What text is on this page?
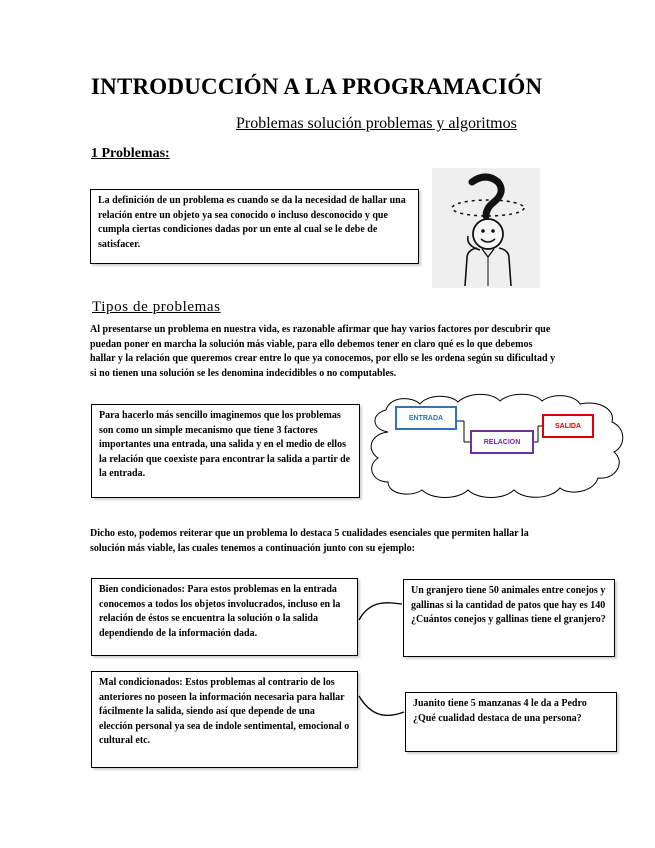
INTRODUCCIÓN A LA PROGRAMACIÓN
Problemas solución problemas y algoritmos
1 Problemas:
La definición de un problema es cuando se da la necesidad de hallar una relación entre un objeto ya sea conocido o incluso desconocido y que cumpla ciertas condiciones dadas por un ente al cual se le debe de satisfacer.
Tipos de problemas
Al presentarse un problema en nuestra vida, es razonable afirmar que hay varios factores por descubrir que puedan poner en marcha la solución más viable, para ello debemos tener en claro qué es lo que debemos hallar y la relación que queremos crear entre lo que ya conocemos, por ello se les ordena según su dificultad y si no tienen una solución se les denomina indecidibles o no computables.
Para hacerlo más sencillo imaginemos que los problemas son como un simple mecanismo que tiene 3 factores importantes una entrada, una salida y en el medio de ellos la relación que coexiste para encontrar la salida a partir de la entrada.
ENTRADA
RELACION
SALIDA
Dicho esto, podemos reiterar que un problema lo destaca 5 cualidades esenciales que permiten hallar la solución más viable, las cuales tenemos a continuación junto con su ejemplo:
Bien condicionados: Para estos problemas en la entrada conocemos a todos los objetos involucrados, incluso en la relación de éstos se encuentra la solución o la salida dependiendo de la información dada.
Un granjero tiene 50 animales entre conejos y gallinas si la cantidad de patos que hay es 140 ¿Cuántos conejos y gallinas tiene el granjero?
Mal condicionados: Estos problemas al contrario de los anteriores no poseen la información necesaria para hallar fácilmente la salida, siendo así que depende de una elección personal ya sea de índole sentimental, emocional o cultural etc.
Juanito tiene 5 manzanas 4 le da a Pedro ¿Qué cualidad destaca de una persona?
